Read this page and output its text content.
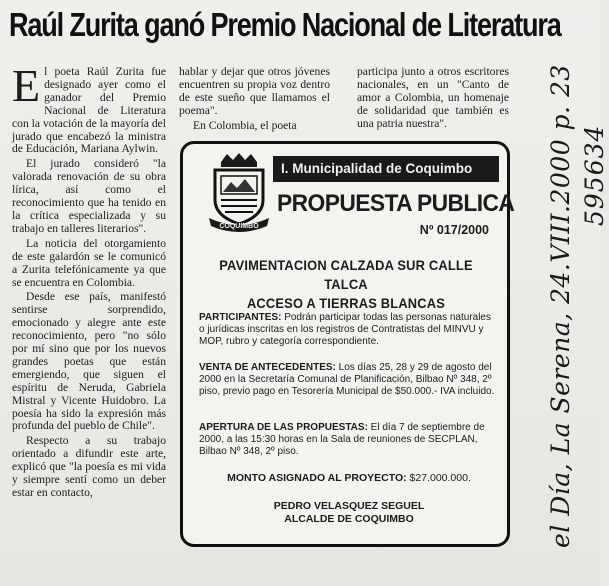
Raúl Zurita ganó Premio Nacional de Literatura

El poeta Raúl Zurita fue designado ayer como el ganador del Premio Nacional de Literatura con la votación de la mayoría del jurado que encabezó la ministra de Educación, Mariana Aylwin.

El jurado consideró "la valorada renovación de su obra lírica, así como el reconocimiento que ha tenido en la crítica especializada y su trabajo en talleres literarios".

La noticia del otorgamiento de este galardón se le comunicó a Zurita telefónicamente ya que se encuentra en Colombia.

Desde ese país, manifestó sentirse sorprendido, emocionado y alegre ante este reconocimiento, pero "no sólo por mí sino que por los nuevos grandes poetas que están emergiendo, que siguen el espíritu de Neruda, Gabriela Mistral y Vicente Huidobro. La poesía ha sido la expresión más profunda del pueblo de Chile".

Respecto a su trabajo orientado a difundir este arte, explicó que "la poesía es mi vida y siempre sentí como un deber estar en contacto,

hablar y dejar que otros jóvenes encuentren su propia voz dentro de este sueño que llamamos el poema".

En Colombia, el poeta

participa junto a otros escritores nacionales, en un "Canto de amor a Colombia, un homenaje de solidaridad que también es una patria nuestra".

COQUIMBO
I. Municipalidad de Coquimbo
PROPUESTA PUBLICA
Nº 017/2000
PAVIMENTACION CALZADA SUR CALLE TALCA
ACCESO A TIERRAS BLANCAS
PARTICIPANTES: Podrán participar todas las personas naturales o jurídicas inscritas en los registros de Contratistas del MINVU y MOP, rubro y categoría correspondiente.
VENTA DE ANTECEDENTES: Los días 25, 28 y 29 de agosto del 2000 en la Secretaría Comunal de Planificación, Bilbao Nº 348, 2º piso, previo pago en Tesorería Municipal de $50.000.- IVA incluido.
APERTURA DE LAS PROPUESTAS: El día 7 de septiembre de 2000, a las 15:30 horas en la Sala de reuniones de SECPLAN, Bilbao Nº 348, 2º piso.
MONTO ASIGNADO AL PROYECTO: $27.000.000.
PEDRO VELASQUEZ SEGUEL
ALCALDE DE COQUIMBO	el Día, La Serena, 24.VIII.2000 p. 23 595634
